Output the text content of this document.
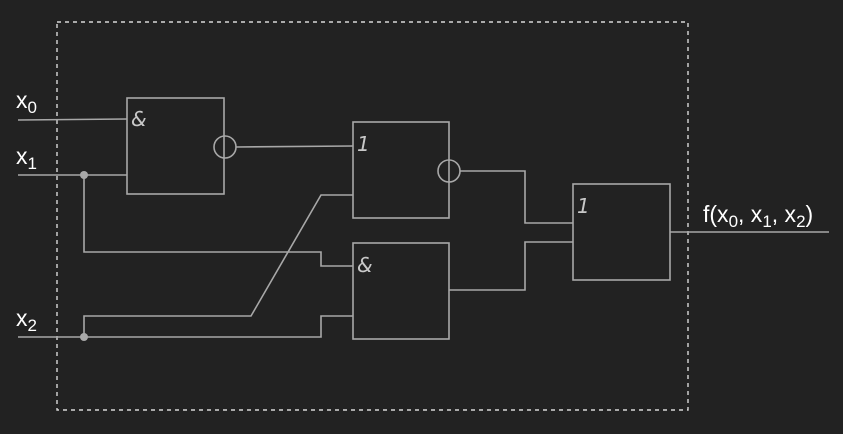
&
1
&
1
$x_0$
$x_1$
$x_2$
$f(x_0$, $x_1$, $x_2$)
